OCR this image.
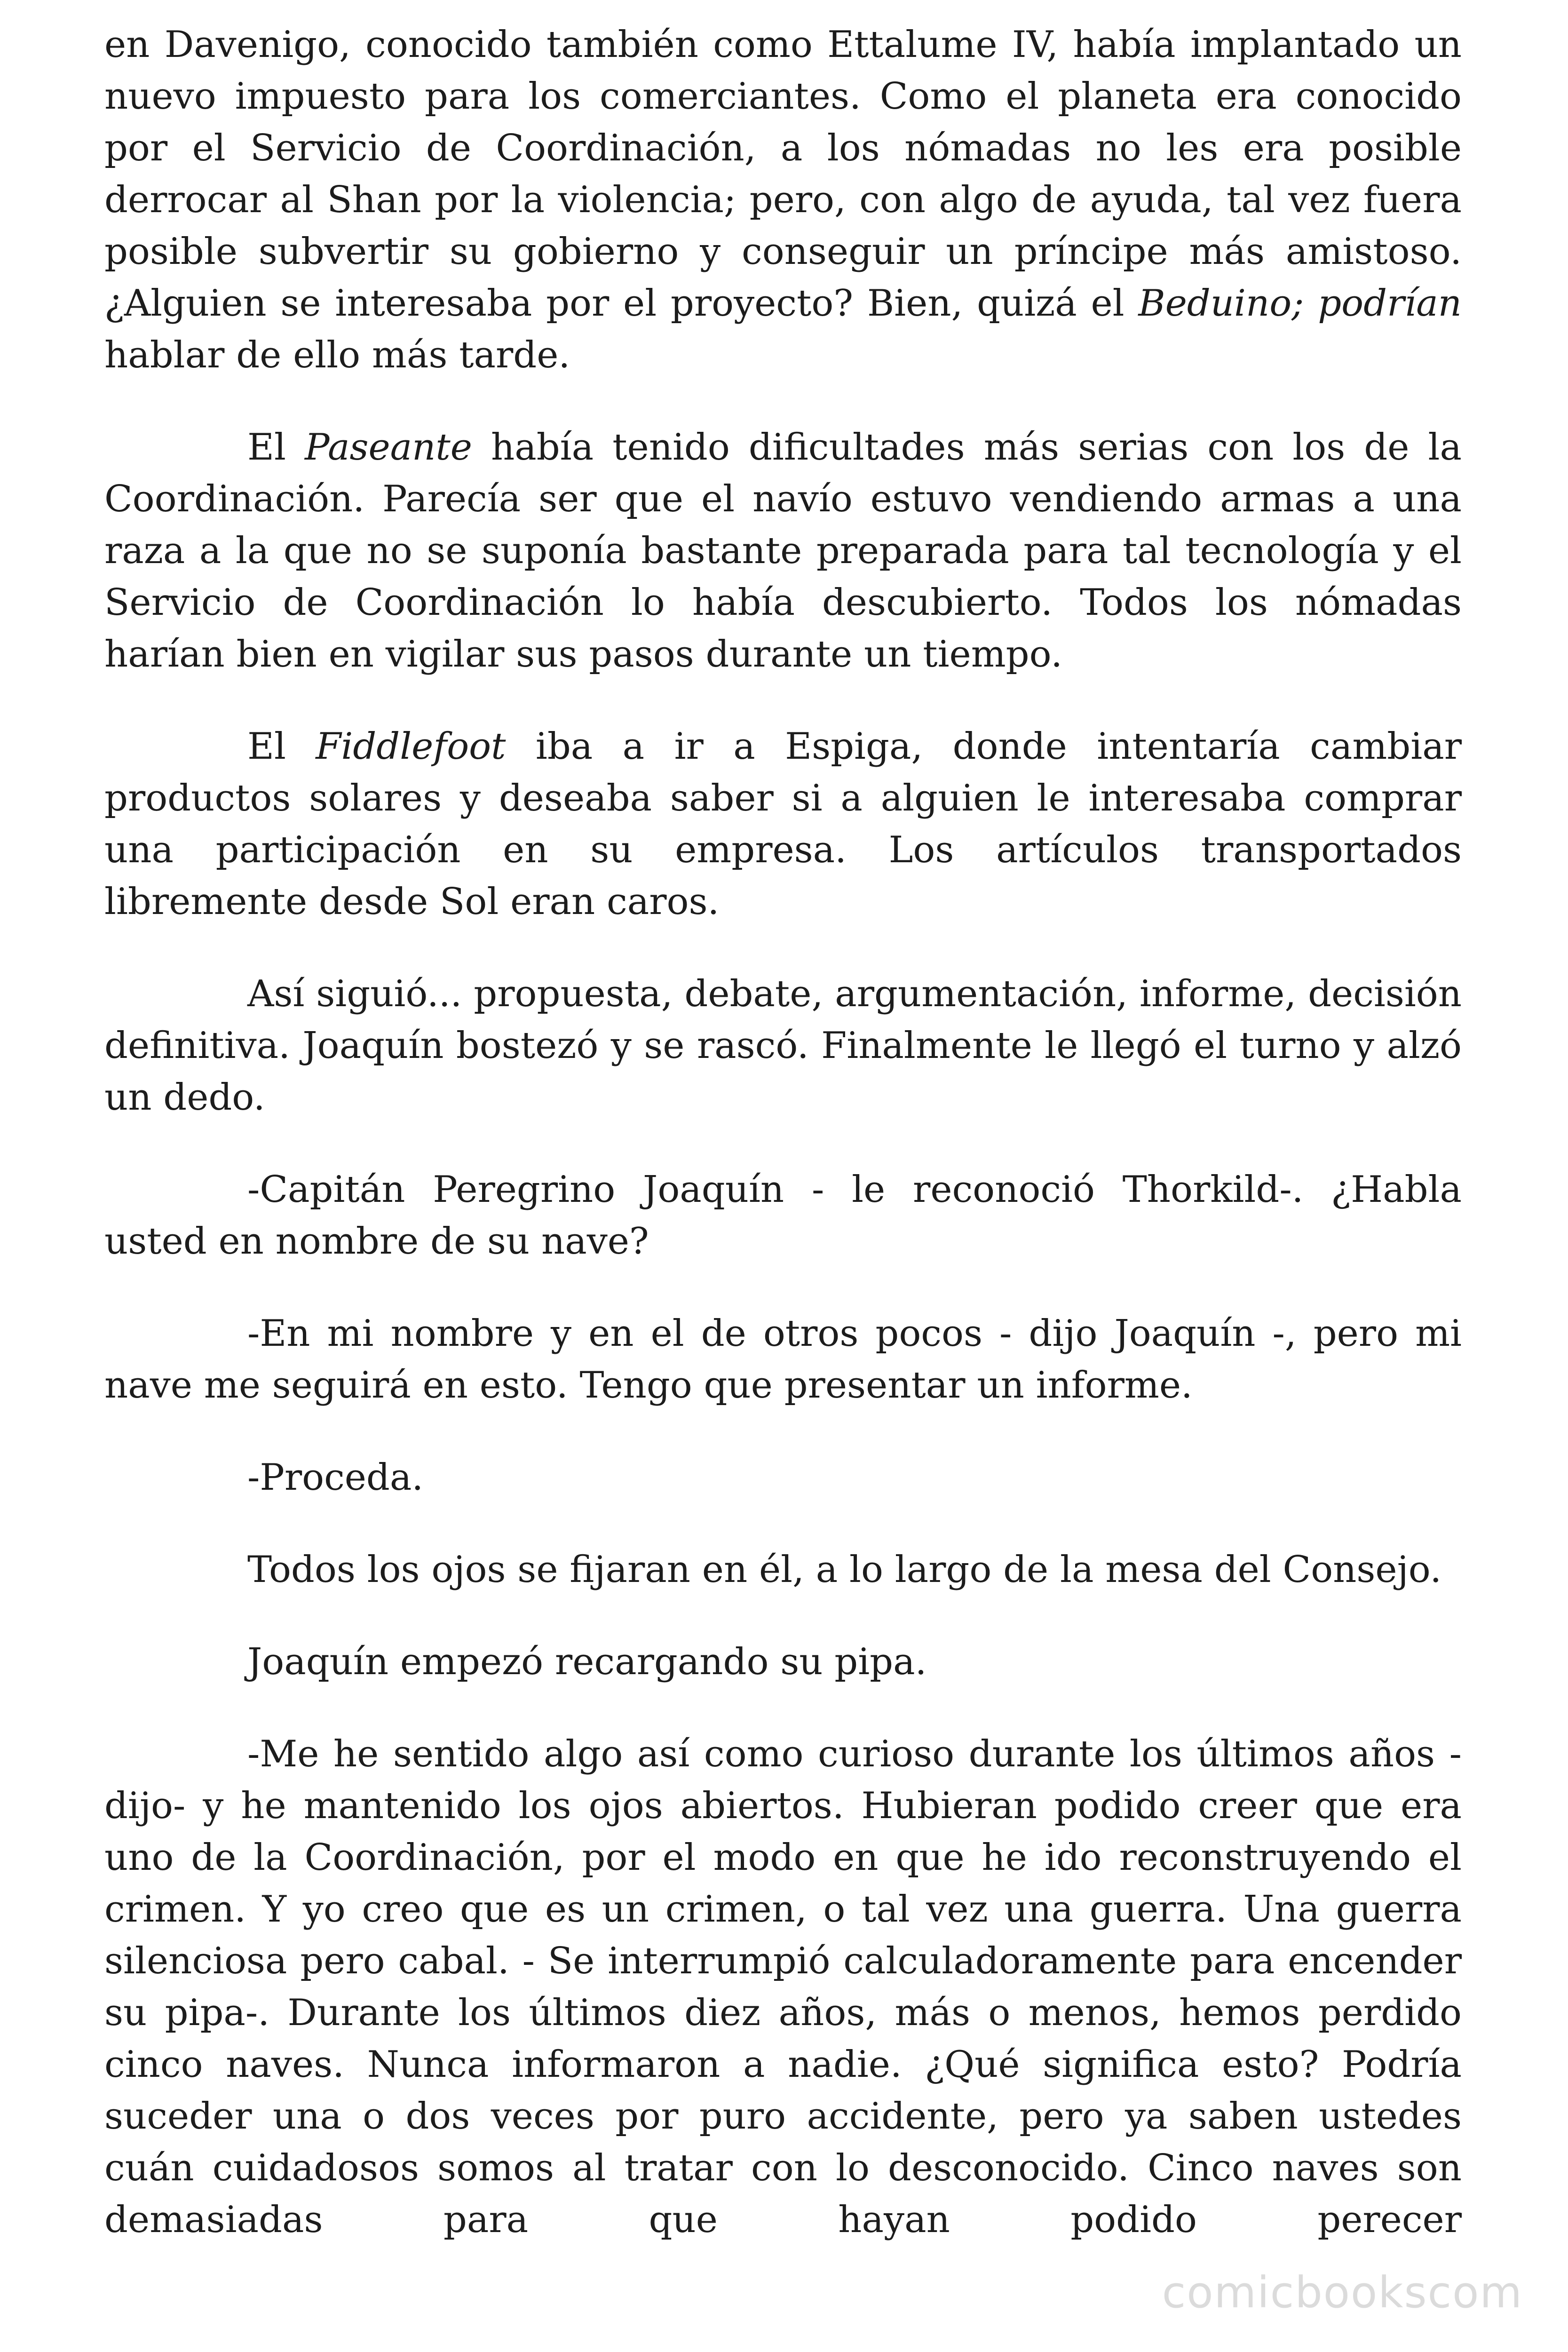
en Davenigo, conocido también como Ettalume IV, había implantado un nuevo impuesto para los comerciantes. Como el planeta era conocido por el Servicio de Coordinación, a los nómadas no les era posible derrocar al Shan por la violencia; pero, con algo de ayuda, tal vez fuera posible subvertir su gobierno y conseguir un príncipe más amistoso. ¿Alguien se interesaba por el proyecto? Bien, quizá el Beduino; podrían hablar de ello más tarde.

El Paseante había tenido dificultades más serias con los de la Coordinación. Parecía ser que el navío estuvo vendiendo armas a una raza a la que no se suponía bastante preparada para tal tecnología y el Servicio de Coordinación lo había descubierto. Todos los nómadas harían bien en vigilar sus pasos durante un tiempo.

El Fiddlefoot iba a ir a Espiga, donde intentaría cambiar productos solares y deseaba saber si a alguien le interesaba comprar una participación en su empresa. Los artículos transportados libremente desde Sol eran caros.

Así siguió... propuesta, debate, argumentación, informe, decisión definitiva. Joaquín bostezó y se rascó. Finalmente le llegó el turno y alzó un dedo.

-Capitán Peregrino Joaquín - le reconoció Thorkild-. ¿Habla usted en nombre de su nave?

-En mi nombre y en el de otros pocos - dijo Joaquín -, pero mi nave me seguirá en esto. Tengo que presentar un informe.

-Proceda.

Todos los ojos se fijaran en él, a lo largo de la mesa del Consejo.

Joaquín empezó recargando su pipa.

-Me he sentido algo así como curioso durante los últimos años -dijo- y he mantenido los ojos abiertos. Hubieran podido creer que era uno de la Coordinación, por el modo en que he ido reconstruyendo el crimen. Y yo creo que es un crimen, o tal vez una guerra. Una guerra silenciosa pero cabal. - Se interrumpió calculadoramente para encender su pipa-. Durante los últimos diez años, más o menos, hemos perdido cinco naves. Nunca informaron a nadie. ¿Qué significa esto? Podría suceder una o dos veces por puro accidente, pero ya saben ustedes cuán cuidadosos somos al tratar con lo desconocido. Cinco naves son demasiadas para que hayan podido perecer

comicbookscom
